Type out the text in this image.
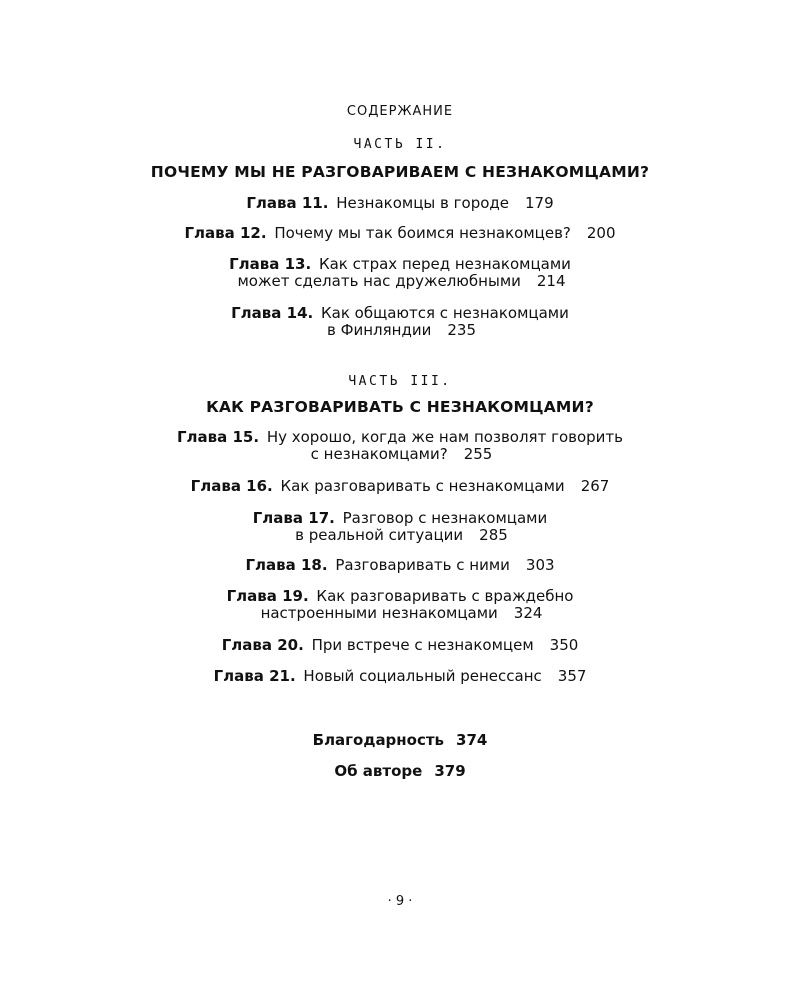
СОДЕРЖАНИЕ
ЧАСТЬ II.
ПОЧЕМУ МЫ НЕ РАЗГОВАРИВАЕМ С НЕЗНАКОМЦАМИ?
Глава 11. Незнакомцы в городе 179
Глава 12. Почему мы так боимся незнакомцев? 200
Глава 13. Как страх перед незнакомцами
может сделать нас дружелюбными 214
Глава 14. Как общаются с незнакомцами
в Финляндии 235
ЧАСТЬ III.
КАК РАЗГОВАРИВАТЬ С НЕЗНАКОМЦАМИ?
Глава 15. Ну хорошо, когда же нам позволят говорить
с незнакомцами? 255
Глава 16. Как разговаривать с незнакомцами 267
Глава 17. Разговор с незнакомцами
в реальной ситуации 285
Глава 18. Разговаривать с ними 303
Глава 19. Как разговаривать с враждебно
настроенными незнакомцами 324
Глава 20. При встрече с незнакомцем 350
Глава 21. Новый социальный ренессанс 357
Благодарность 374
Об авторе 379
· 9 ·
